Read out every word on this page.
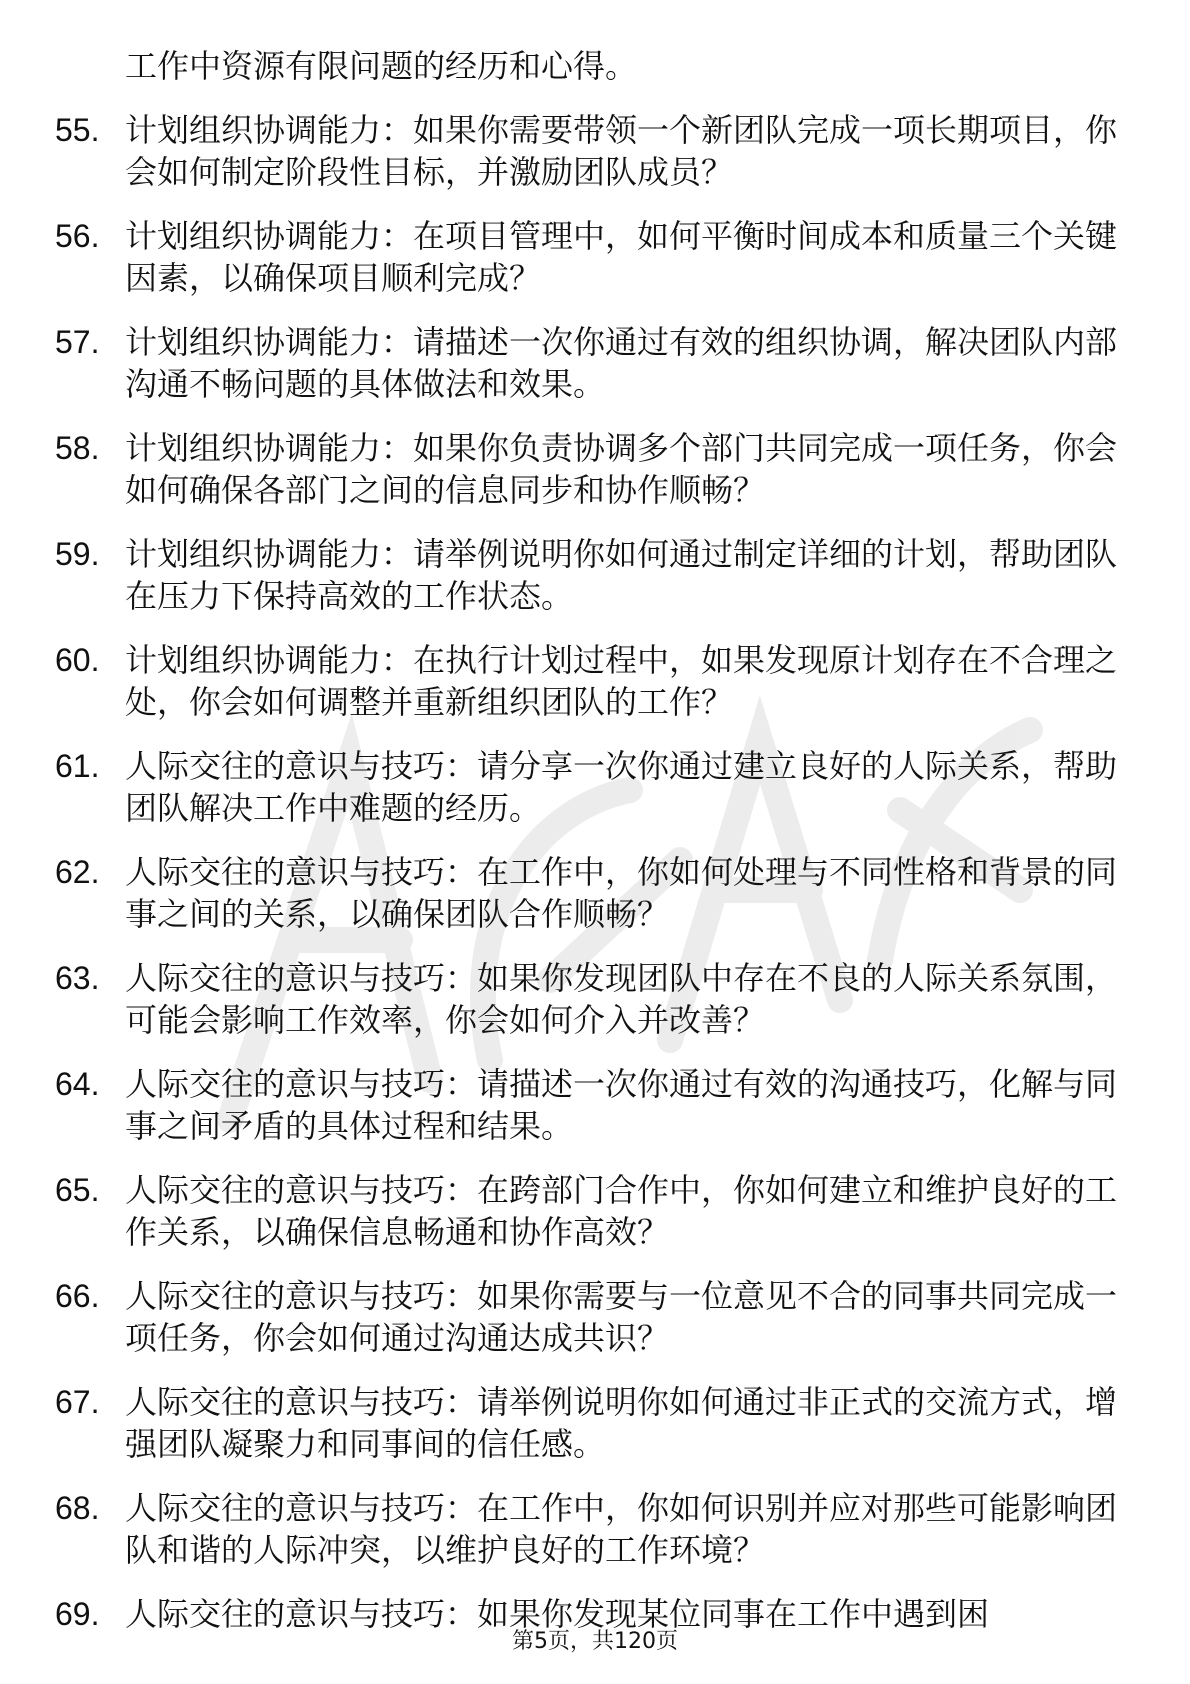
工作中资源有限问题的经历和心得。
55. 计划组织协调能力：如果你需要带领一个新团队完成一项长期项目，你会如何制定阶段性目标，并激励团队成员？
56. 计划组织协调能力：在项目管理中，如何平衡时间成本和质量三个关键因素，以确保项目顺利完成？
57. 计划组织协调能力：请描述一次你通过有效的组织协调，解决团队内部沟通不畅问题的具体做法和效果。
58. 计划组织协调能力：如果你负责协调多个部门共同完成一项任务，你会如何确保各部门之间的信息同步和协作顺畅？
59. 计划组织协调能力：请举例说明你如何通过制定详细的计划，帮助团队在压力下保持高效的工作状态。
60. 计划组织协调能力：在执行计划过程中，如果发现原计划存在不合理之处，你会如何调整并重新组织团队的工作？
61. 人际交往的意识与技巧：请分享一次你通过建立良好的人际关系，帮助团队解决工作中难题的经历。
62. 人际交往的意识与技巧：在工作中，你如何处理与不同性格和背景的同事之间的关系，以确保团队合作顺畅？
63. 人际交往的意识与技巧：如果你发现团队中存在不良的人际关系氛围，可能会影响工作效率，你会如何介入并改善？
64. 人际交往的意识与技巧：请描述一次你通过有效的沟通技巧，化解与同事之间矛盾的具体过程和结果。
65. 人际交往的意识与技巧：在跨部门合作中，你如何建立和维护良好的工作关系，以确保信息畅通和协作高效？
66. 人际交往的意识与技巧：如果你需要与一位意见不合的同事共同完成一项任务，你会如何通过沟通达成共识？
67. 人际交往的意识与技巧：请举例说明你如何通过非正式的交流方式，增强团队凝聚力和同事间的信任感。
68. 人际交往的意识与技巧：在工作中，你如何识别并应对那些可能影响团队和谐的人际冲突，以维护良好的工作环境？
69. 人际交往的意识与技巧：如果你发现某位同事在工作中遇到困
第5页，共120页
